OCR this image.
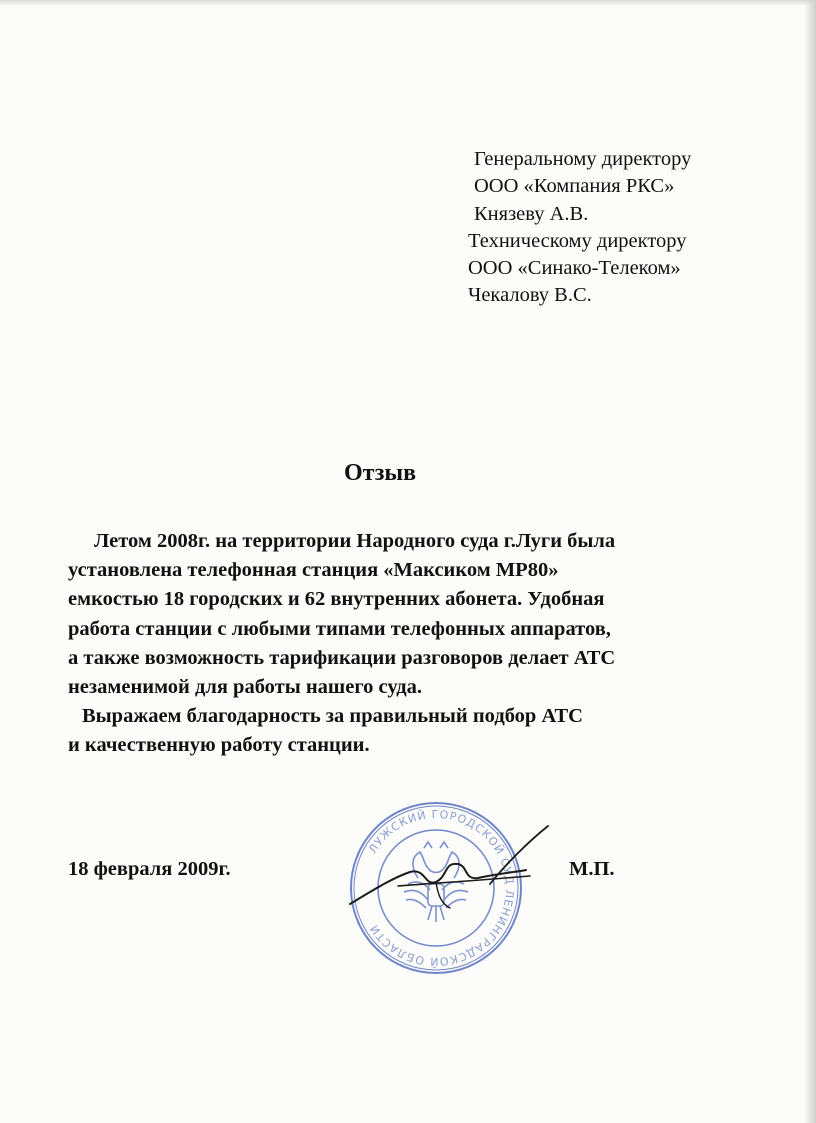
Генеральному директору
ООО «Компания РКС»
Князеву А.В.
Техническому директору
ООО «Синако-Телеком»
Чекалову В.С.
Отзыв
Летом 2008г. на территории Народного суда г.Луги была
установлена телефонная станция «Максиком МР80»
емкостью 18 городских и 62 внутренних абонета. Удобная
работа станции с любыми типами телефонных аппаратов,
а также возможность тарификации разговоров делает АТС
незаменимой для работы нашего суда.
Выражаем благодарность за правильный подбор АТС
и качественную работу станции.
18 февраля 2009г.	М.П.
ЛУЖСКИЙ ГОРОДСКОЙ СУД ЛЕНИНГРАДСКОЙ ОБЛАСТИ
